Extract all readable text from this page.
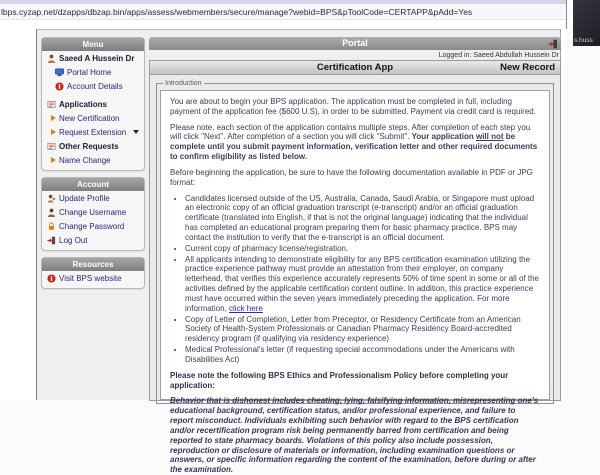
s.huss
lbps.cyzap.net/dzapps/dbzap.bin/apps/assess/webmembers/secure/manage?webid=BPS&pToolCode=CERTAPP&pAdd=Yes
Menu
Saeed A Hussein Dr
Portal Home
Account Details
Applications
New Certification
Request Extension
Other Requests
Name Change
Account
Update Profile
Change Username
Change Password
Log Out
Resources
Visit BPS website
Portal
Logged in: Saeed Abdullah Hussein Dr
Certification App	New Record
Introduction

You are about to begin your BPS application. The application must be completed in full, including payment of the application fee ($600 U.S), in order to be submitted. Payment via credit card is required.

Please note, each section of the application contains multiple steps. After completion of each step you will click "Next". After completion of a section you will click "Submit". Your application will not be complete until you submit payment information, verification letter and other required documents to confirm eligibility as listed below.

Before beginning the application, be sure to have the following documentation available in PDF or JPG format:

• Candidates licensed outside of the US, Australia, Canada, Saudi Arabia, or Singapore must upload an electronic copy of an official graduation transcript (e-transcript) and/or an official graduation certificate (translated into English, if that is not the original language) indicating that the individual has completed an educational program preparing them for basic pharmacy practice. BPS may contact the institution to verify that the e-transcript is an official document.
• Current copy of pharmacy license/registration.
• All applicants intending to demonstrate eligibility for any BPS certification examination utilizing the practice experience pathway must provide an attestation from their employer, on company letterhead, that verifies this experience accurately represents 50% of time spent in some or all of the activities defined by the applicable certification content outline. In addition, this practice experience must have occurred within the seven years immediately preceding the application. For more information, click here
• Copy of Letter of Completion, Letter from Preceptor, or Residency Certificate from an American Society of Health-System Professionals or Canadian Pharmacy Residency Board-accredited residency program (if qualifying via residency experience)
• Medical Professional's letter (if requesting special accommodations under the Americans with Disabilities Act)

Please note the following BPS Ethics and Professionalism Policy before completing your application:

Behavior that is dishonest includes cheating, lying, falsifying information, misrepresenting one's educational background, certification status, and/or professional experience, and failure to report misconduct. Individuals exhibiting such behavior with regard to the BPS certification and/or recertification program risk being permanently barred from certification and being reported to state pharmacy boards. Violations of this policy also include possession, reproduction or disclosure of materials or information, including examination questions or answers, or specific information regarding the content of the examination, before during or after the examination.
